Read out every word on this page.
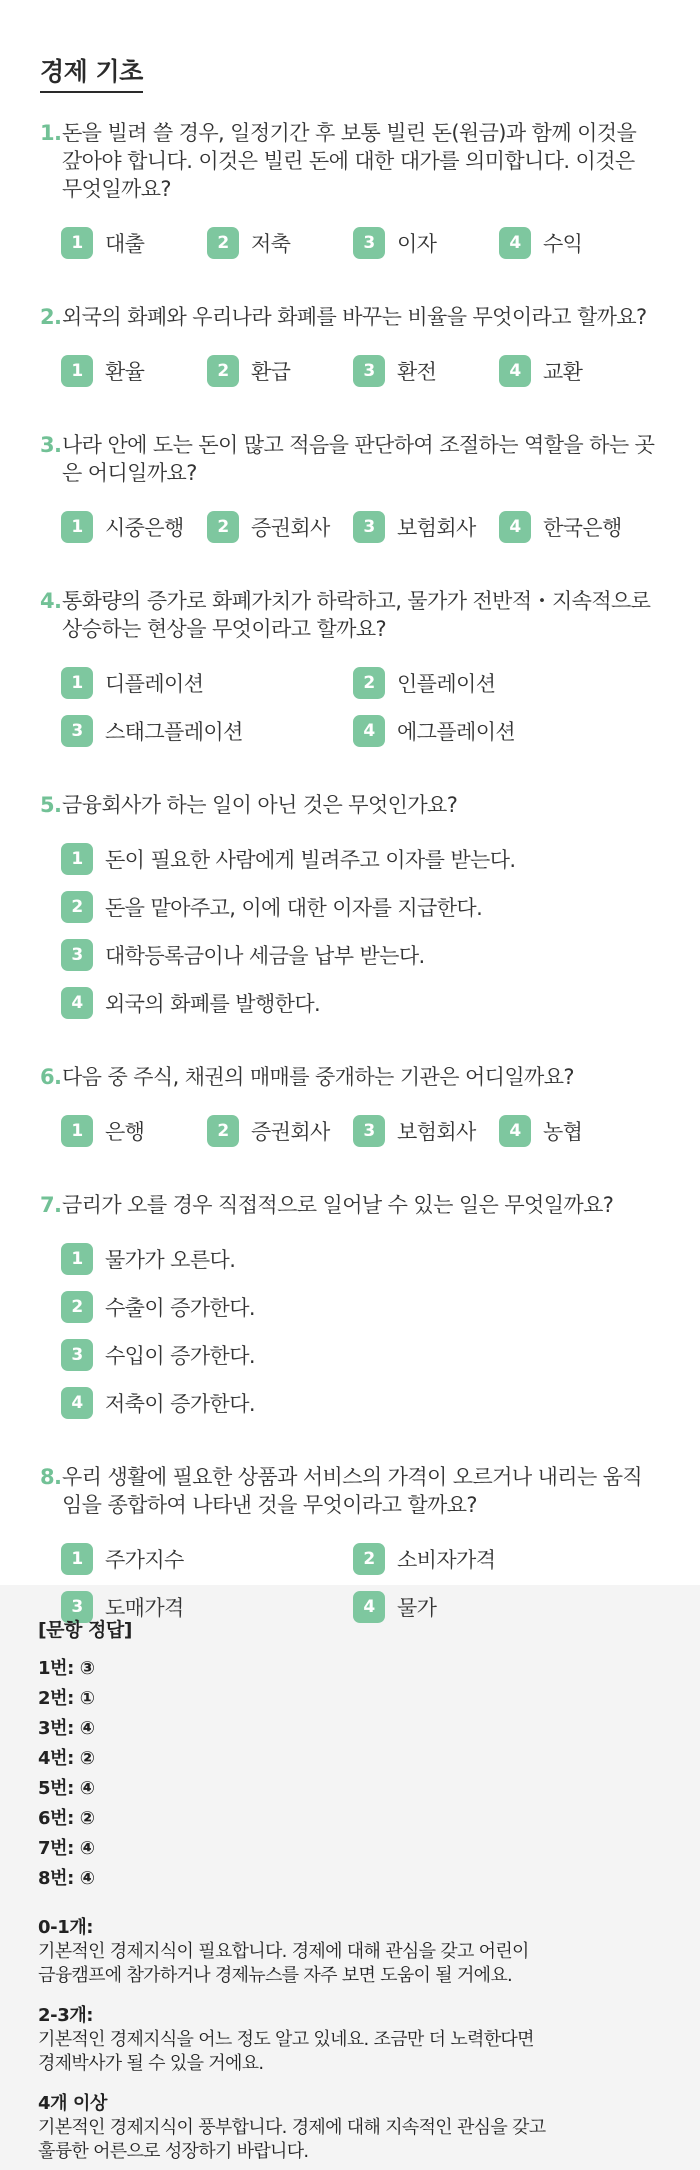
경제 기초
1. 돈을 빌려 쓸 경우, 일정기간 후 보통 빌린 돈(원금)과 함께 이것을 갚아야 합니다. 이것은 빌린 돈에 대한 대가를 의미합니다. 이것은 무엇일까요?
1	대출	2	저축	3	이자	4	수익
2. 외국의 화폐와 우리나라 화폐를 바꾸는 비율을 무엇이라고 할까요?
1	환율	2	환급	3	환전	4	교환
3. 나라 안에 도는 돈이 많고 적음을 판단하여 조절하는 역할을 하는 곳은 어디일까요?
1	시중은행	2	증권회사	3	보험회사	4	한국은행
4. 통화량의 증가로 화폐가치가 하락하고, 물가가 전반적・지속적으로 상승하는 현상을 무엇이라고 할까요?
1	디플레이션	2	인플레이션
3	스태그플레이션	4	에그플레이션
5. 금융회사가 하는 일이 아닌 것은 무엇인가요?
1	돈이 필요한 사람에게 빌려주고 이자를 받는다.
2	돈을 맡아주고, 이에 대한 이자를 지급한다.
3	대학등록금이나 세금을 납부 받는다.
4	외국의 화폐를 발행한다.
6. 다음 중 주식, 채권의 매매를 중개하는 기관은 어디일까요?
1	은행	2	증권회사	3	보험회사	4	농협
7. 금리가 오를 경우 직접적으로 일어날 수 있는 일은 무엇일까요?
1	물가가 오른다.
2	수출이 증가한다.
3	수입이 증가한다.
4	저축이 증가한다.
8. 우리 생활에 필요한 상품과 서비스의 가격이 오르거나 내리는 움직임을 종합하여 나타낸 것을 무엇이라고 할까요?
1	주가지수	2	소비자가격
3	도매가격	4	물가
[문항 정답]
1번: ③
2번: ①
3번: ④
4번: ②
5번: ④
6번: ②
7번: ④
8번: ④
0-1개:
기본적인 경제지식이 필요합니다. 경제에 대해 관심을 갖고 어린이
금융캠프에 참가하거나 경제뉴스를 자주 보면 도움이 될 거에요.
2-3개:
기본적인 경제지식을 어느 정도 알고 있네요. 조금만 더 노력한다면
경제박사가 될 수 있을 거에요.
4개 이상
기본적인 경제지식이 풍부합니다. 경제에 대해 지속적인 관심을 갖고
훌륭한 어른으로 성장하기 바랍니다.
